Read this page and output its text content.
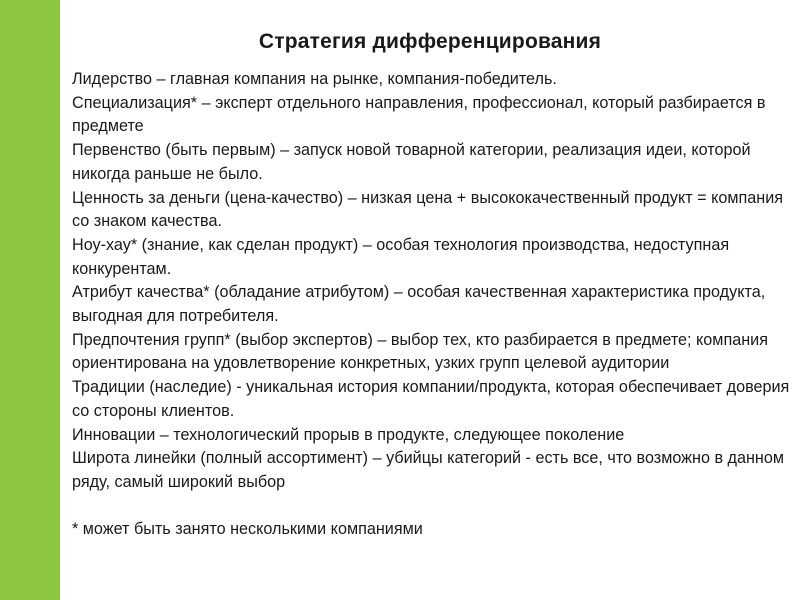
Стратегия дифференцирования

Лидерство – главная компания на рынке, компания-победитель.

Специализация* – эксперт отдельного направления, профессионал, который разбирается в предмете

Первенство (быть первым) – запуск новой товарной категории, реализация идеи, которой никогда раньше не было.

Ценность за деньги (цена-качество) – низкая цена + высококачественный продукт = компания со знаком качества.

Ноу-хау* (знание, как сделан продукт) – особая технология производства, недоступная конкурентам.

Атрибут качества* (обладание атрибутом) – особая качественная характеристика продукта, выгодная для потребителя.

Предпочтения групп* (выбор экспертов) – выбор тех, кто разбирается в предмете; компания ориентирована на удовлетворение конкретных, узких групп целевой аудитории

Традиции (наследие) - уникальная история компании/продукта, которая обеспечивает доверия со стороны клиентов.

Инновации – технологический прорыв в продукте, следующее поколение

Широта линейки (полный ассортимент) – убийцы категорий - есть все, что возможно в данном ряду, самый широкий выбор

* может быть занято несколькими компаниями
